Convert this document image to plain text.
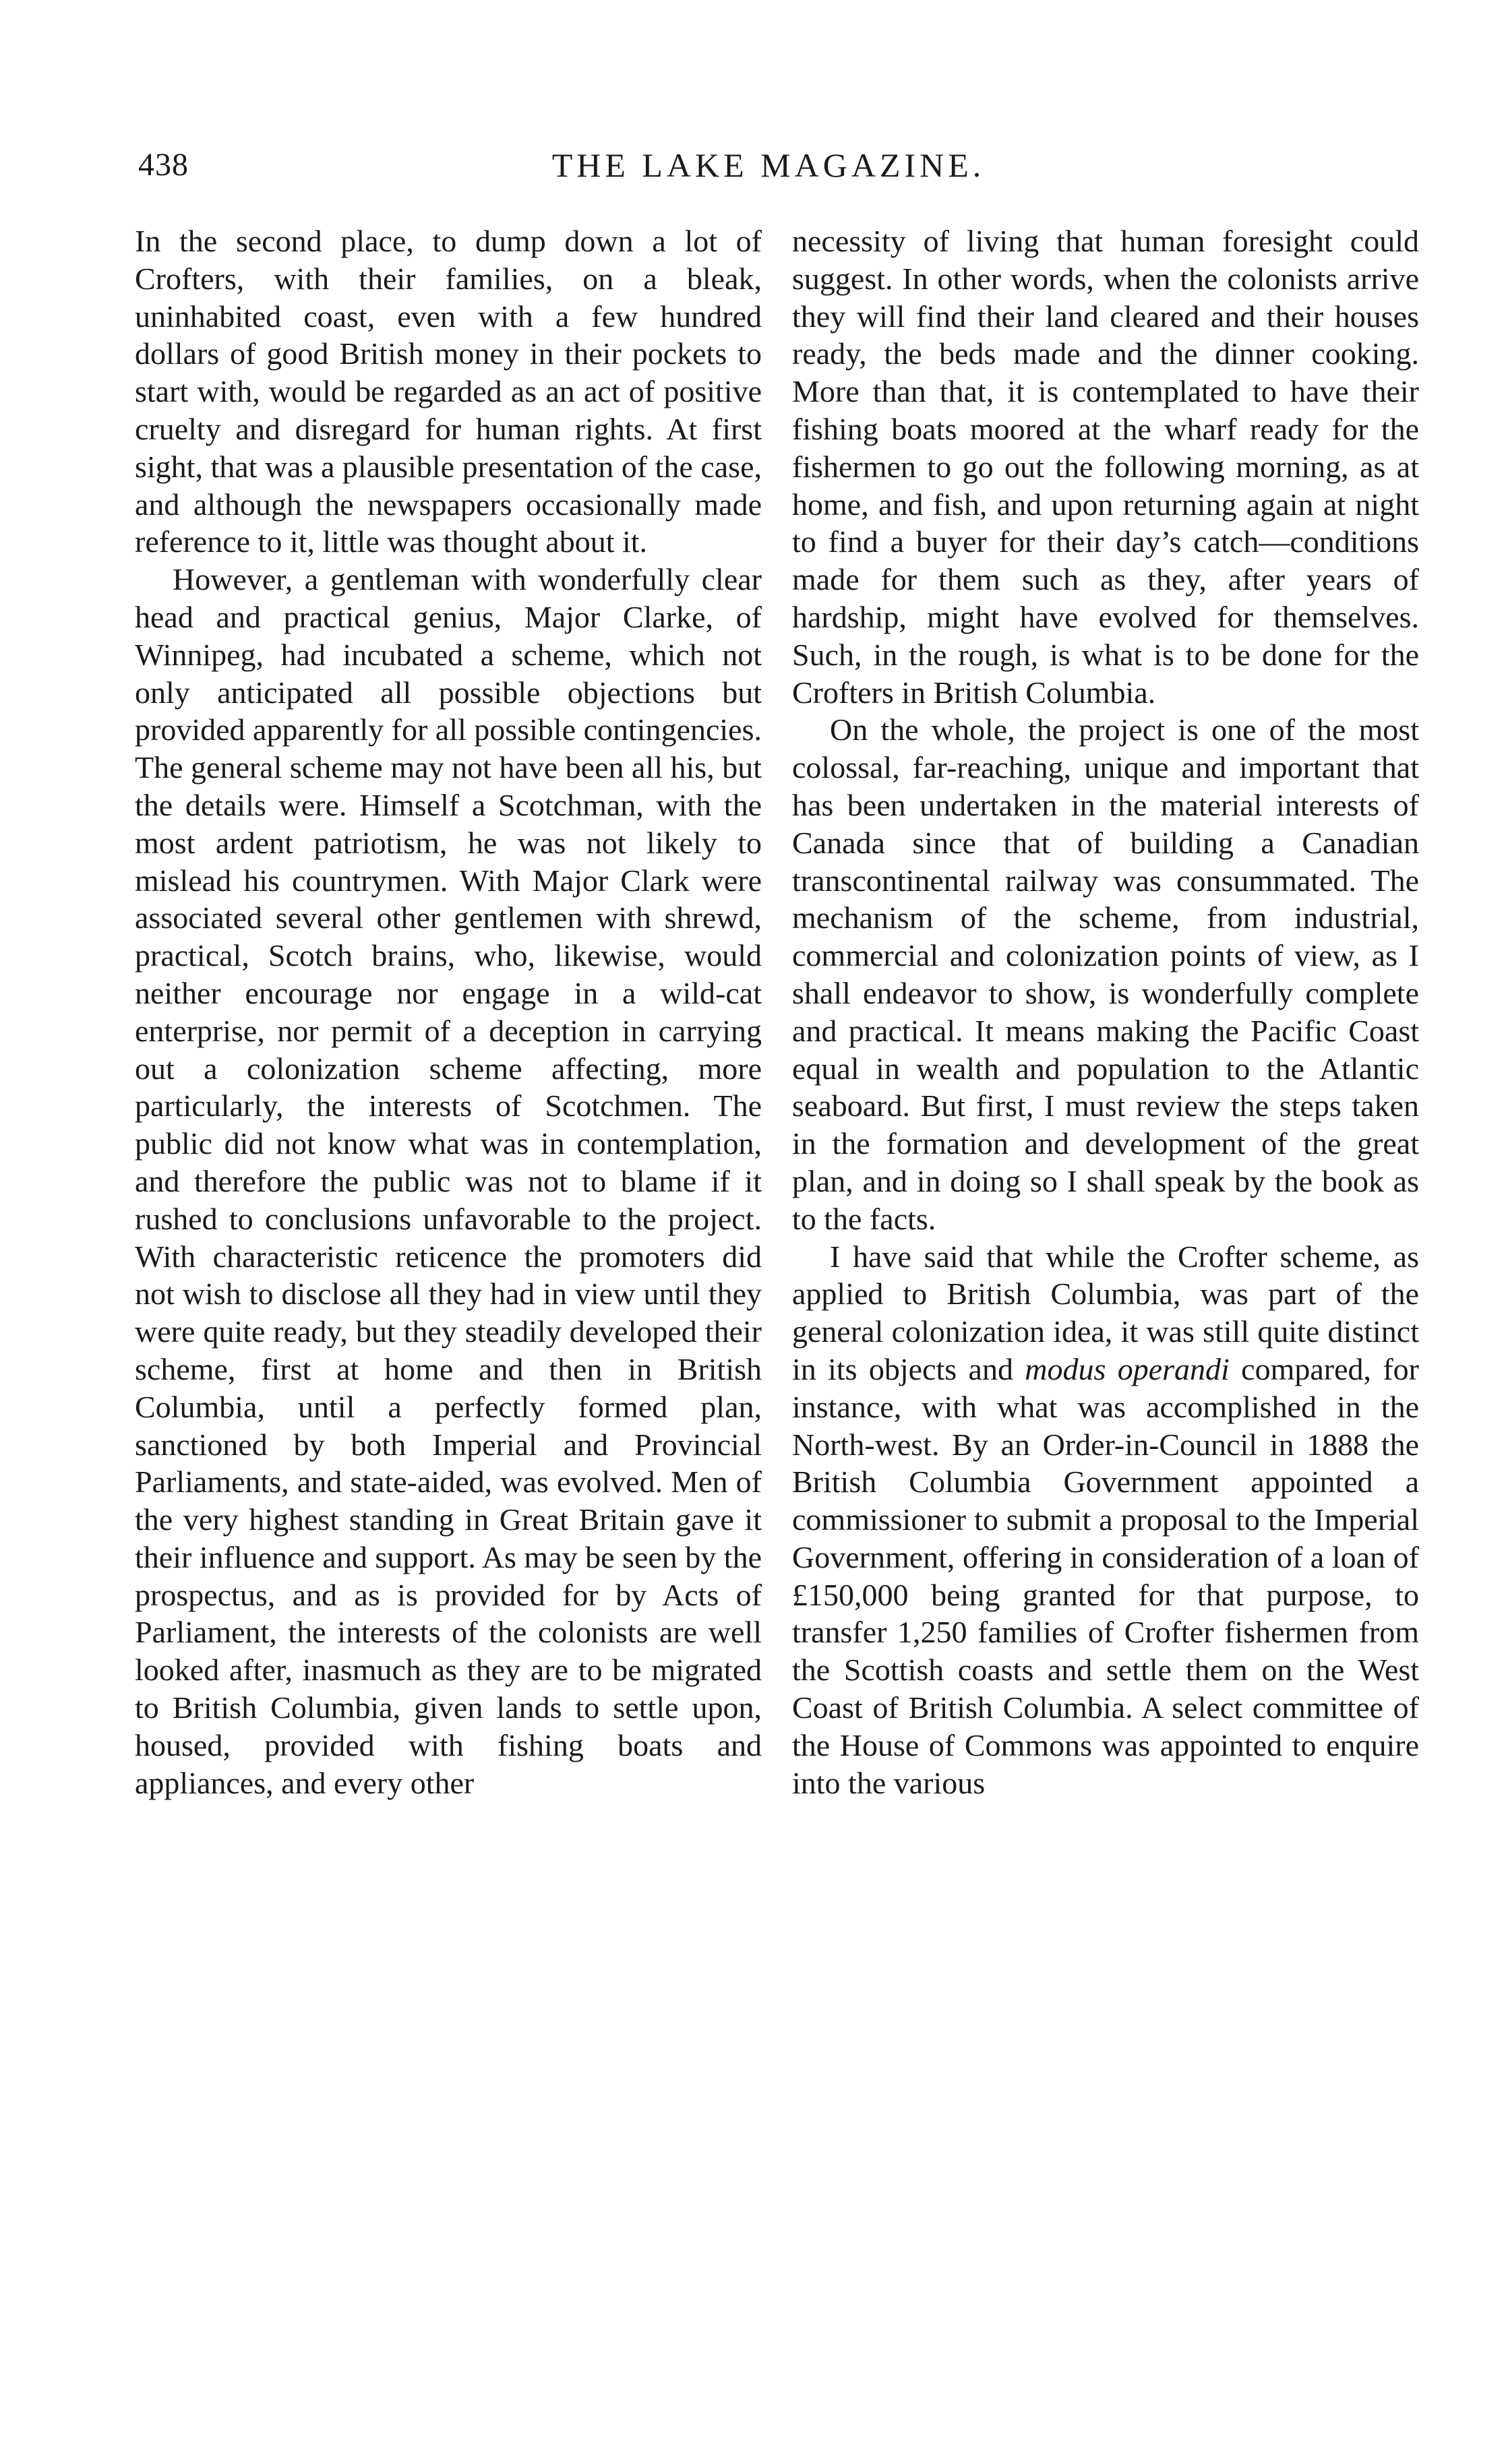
438	THE LAKE MAGAZINE.

In the second place, to dump down a lot of Crofters, with their families, on a bleak, uninhabited coast, even with a few hundred dollars of good British money in their pockets to start with, would be regarded as an act of positive cruelty and disregard for human rights. At first sight, that was a plausible presentation of the case, and although the newspapers occasionally made reference to it, little was thought about it.

However, a gentleman with wonderfully clear head and practical genius, Major Clarke, of Winnipeg, had incubated a scheme, which not only anticipated all possible objections but provided apparently for all possible contingencies. The general scheme may not have been all his, but the details were. Himself a Scotchman, with the most ardent patriotism, he was not likely to mislead his countrymen. With Major Clark were associated several other gentlemen with shrewd, practical, Scotch brains, who, likewise, would neither encourage nor engage in a wild-cat enterprise, nor permit of a deception in carrying out a colonization scheme affecting, more particularly, the interests of Scotchmen. The public did not know what was in contemplation, and therefore the public was not to blame if it rushed to conclusions unfavorable to the project. With characteristic reticence the promoters did not wish to disclose all they had in view until they were quite ready, but they steadily developed their scheme, first at home and then in British Columbia, until a perfectly formed plan, sanctioned by both Imperial and Provincial Parliaments, and state-aided, was evolved. Men of the very highest standing in Great Britain gave it their influence and support. As may be seen by the prospectus, and as is provided for by Acts of Parliament, the interests of the colonists are well looked after, inasmuch as they are to be migrated to British Columbia, given lands to settle upon, housed, provided with fishing boats and appliances, and every other

necessity of living that human foresight could suggest. In other words, when the colonists arrive they will find their land cleared and their houses ready, the beds made and the dinner cooking. More than that, it is contemplated to have their fishing boats moored at the wharf ready for the fishermen to go out the following morning, as at home, and fish, and upon returning again at night to find a buyer for their day’s catch—conditions made for them such as they, after years of hardship, might have evolved for themselves. Such, in the rough, is what is to be done for the Crofters in British Columbia.

On the whole, the project is one of the most colossal, far-reaching, unique and important that has been undertaken in the material interests of Canada since that of building a Canadian transcontinental railway was consummated. The mechanism of the scheme, from industrial, commercial and colonization points of view, as I shall endeavor to show, is wonderfully complete and practical. It means making the Pacific Coast equal in wealth and population to the Atlantic seaboard. But first, I must review the steps taken in the formation and development of the great plan, and in doing so I shall speak by the book as to the facts.

I have said that while the Crofter scheme, as applied to British Columbia, was part of the general colonization idea, it was still quite distinct in its objects and modus operandi compared, for instance, with what was accomplished in the North-west. By an Order-in-Council in 1888 the British Columbia Government appointed a commissioner to submit a proposal to the Imperial Government, offering in consideration of a loan of £150,000 being granted for that purpose, to transfer 1,250 families of Crofter fishermen from the Scottish coasts and settle them on the West Coast of British Columbia. A select committee of the House of Commons was appointed to enquire into the various
